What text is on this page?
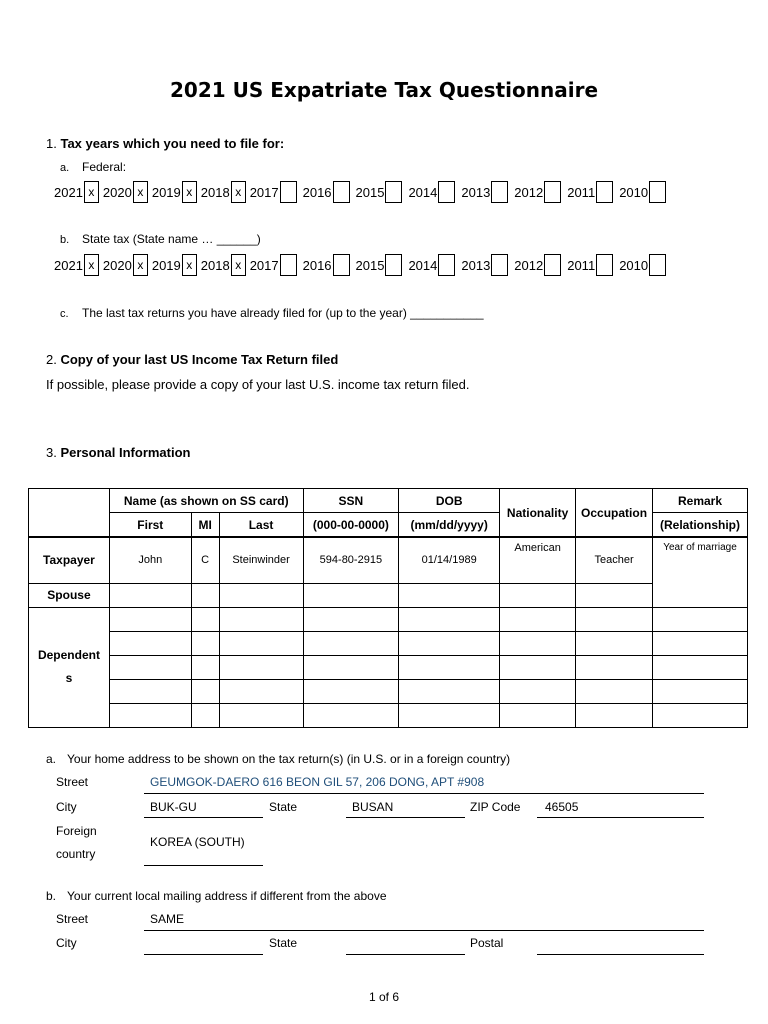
2021 US Expatriate Tax Questionnaire
1. Tax years which you need to file for:
a. Federal:
2021 x 2020 x 2019 x 2018 x 2017 2016 2015 2014 2013 2012 2011 2010
b. State tax (State name … ______)
2021 x 2020 x 2019 x 2018 x 2017 2016 2015 2014 2013 2012 2011 2010
c. The last tax returns you have already filed for (up to the year) ___________
2. Copy of your last US Income Tax Return filed
If possible, please provide a copy of your last U.S. income tax return filed.
3. Personal Information
	Name (as shown on SS card)			SSN	DOB	Nationality	Occupation	Remark
	First	MI	Last	(000-00-0000)	(mm/dd/yyyy)			(Relationship)
Taxpayer	John	C	Steinwinder	594-80-2915	01/14/1989	American	Teacher	Year of marriage
Spouse								
Dependent
s								

a. Your home address to be shown on the tax return(s) (in U.S. or in a foreign country)
Street	GEUMGOK-DAERO 616 BEON GIL 57, 206 DONG, APT #908
City	BUK-GU	State	BUSAN	ZIP Code 46505
Foreign
country
KOREA (SOUTH)
b. Your current local mailing address if different from the above
Street	SAME
City	State	Postal
1 of 6
